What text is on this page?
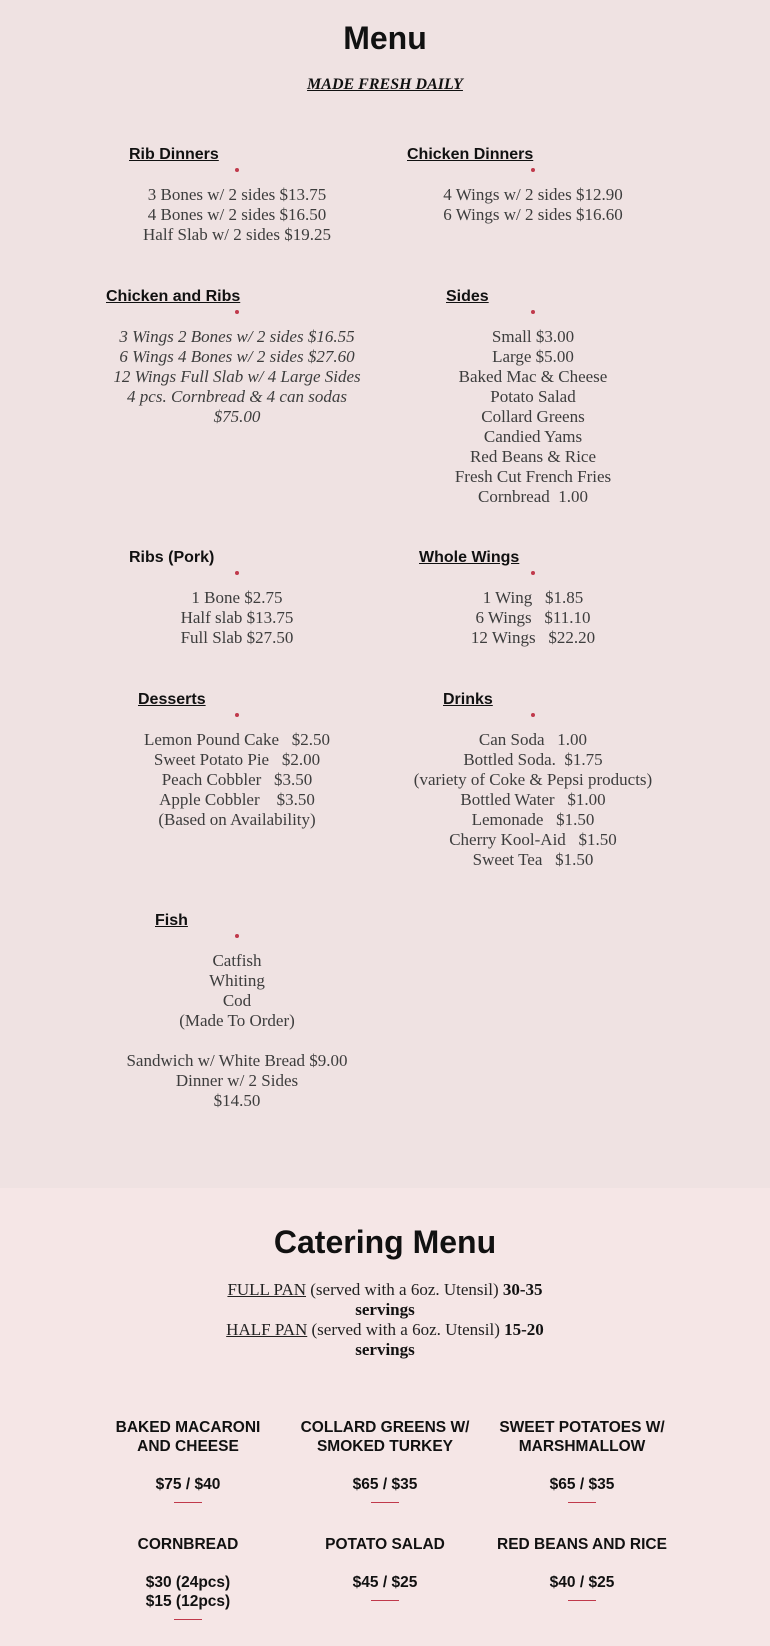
Menu
MADE FRESH DAILY
Rib Dinners
3 Bones w/ 2 sides $13.75
4 Bones w/ 2 sides $16.50
Half Slab w/ 2 sides $19.25
Chicken Dinners
4 Wings w/ 2 sides $12.90
6 Wings w/ 2 sides $16.60
Chicken and Ribs
3 Wings 2 Bones w/ 2 sides $16.55
6 Wings 4 Bones w/ 2 sides $27.60
12 Wings Full Slab w/ 4 Large Sides
4 pcs. Cornbread & 4 can sodas
$75.00
Sides
Small $3.00
Large $5.00
Baked Mac & Cheese
Potato Salad
Collard Greens
Candied Yams
Red Beans & Rice
Fresh Cut French Fries
Cornbread  1.00
Ribs (Pork)
1 Bone $2.75
Half slab $13.75
Full Slab $27.50
Whole Wings
1 Wing   $1.85
6 Wings   $11.10
12 Wings   $22.20
Desserts
Lemon Pound Cake   $2.50
Sweet Potato Pie   $2.00
Peach Cobbler   $3.50
Apple Cobbler    $3.50
(Based on Availability)
Drinks
Can Soda   1.00
Bottled Soda.  $1.75
(variety of Coke & Pepsi products)
Bottled Water   $1.00
Lemonade   $1.50
Cherry Kool-Aid   $1.50
Sweet Tea   $1.50
Fish
Catfish
Whiting
Cod
(Made To Order)
Sandwich w/ White Bread $9.00
Dinner w/ 2 Sides
$14.50
Catering Menu
FULL PAN (served with a 6oz. Utensil) 30-35 servings
HALF PAN (served with a 6oz. Utensil) 15-20 servings
BAKED MACARONI
AND CHEESE
$75 / $40
COLLARD GREENS W/
SMOKED TURKEY
$65 / $35
SWEET POTATOES W/
MARSHMALLOW
$65 / $35
CORNBREAD
$30 (24pcs)
$15 (12pcs)
POTATO SALAD
$45 / $25
RED BEANS AND RICE
$40 / $25
